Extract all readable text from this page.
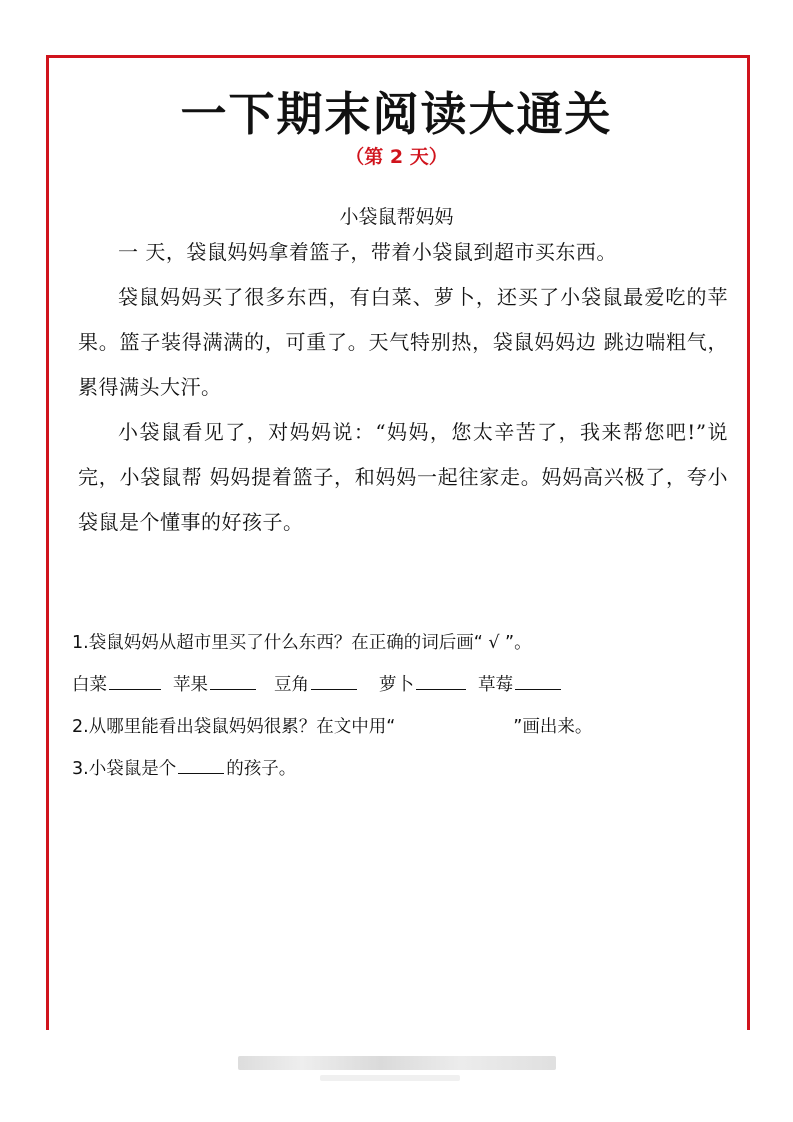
一下期末阅读大通关
（第 2 天）
小袋鼠帮妈妈

一 天，袋鼠妈妈拿着篮子，带着小袋鼠到超市买东西。

袋鼠妈妈买了很多东西，有白菜、萝卜，还买了小袋鼠最爱吃的苹果。篮子装得满满的，可重了。天气特别热，袋鼠妈妈边 跳边喘粗气，累得满头大汗。

小袋鼠看见了，对妈妈说：“妈妈，您太辛苦了，我来帮您吧!”说完，小袋鼠帮 妈妈提着篮子，和妈妈一起往家走。妈妈高兴极了，夸小袋鼠是个懂事的好孩子。

1.袋鼠妈妈从超市里买了什么东西？在正确的词后画“ √ ”。
白菜	苹果	豆角	萝卜	草莓
2.从哪里能看出袋鼠妈妈很累？在文中用“	”画出来。
3.小袋鼠是个	的孩子。
